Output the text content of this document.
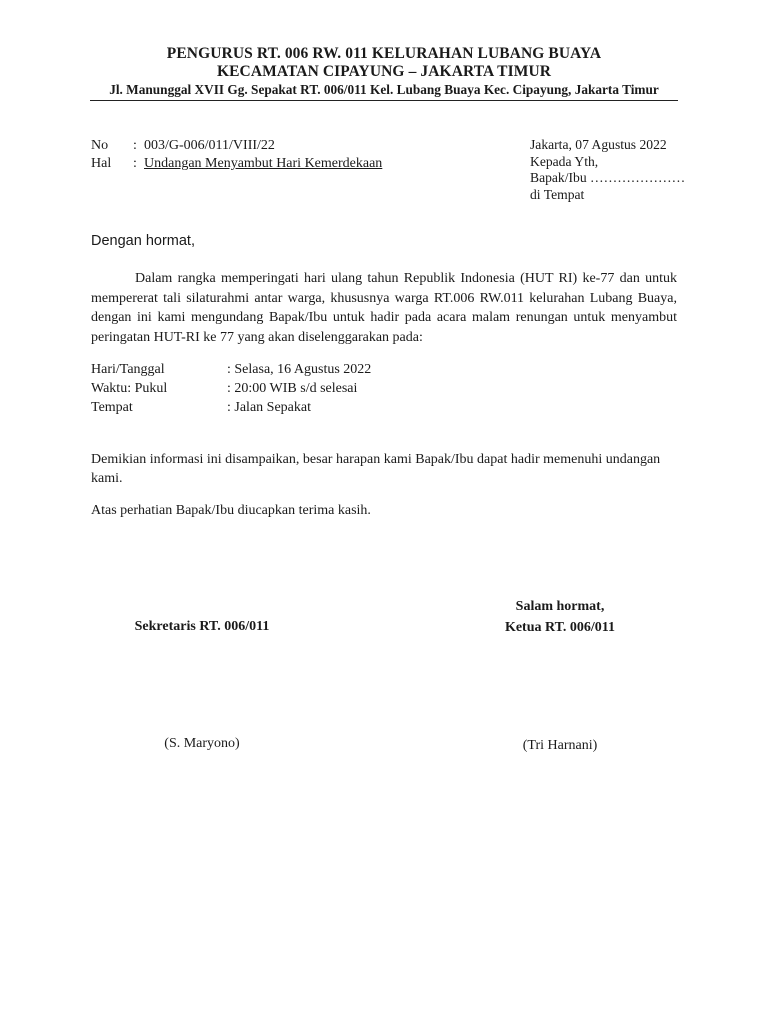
PENGURUS RT. 006 RW. 011 KELURAHAN LUBANG BUAYA
KECAMATAN CIPAYUNG – JAKARTA TIMUR
Jl. Manunggal XVII Gg. Sepakat RT. 006/011 Kel. Lubang Buaya Kec. Cipayung, Jakarta Timur
No	: 003/G-006/011/VIII/22
Hal	: Undangan Menyambut Hari Kemerdekaan
Jakarta, 07 Agustus 2022
Kepada Yth,
Bapak/Ibu …………………
di Tempat
Dengan hormat,
Dalam rangka memperingati hari ulang tahun Republik Indonesia (HUT RI) ke-77 dan untuk mempererat tali silaturahmi antar warga, khususnya warga RT.006 RW.011 kelurahan Lubang Buaya, dengan ini kami mengundang Bapak/Ibu untuk hadir pada acara malam renungan untuk menyambut peringatan HUT-RI ke 77 yang akan diselenggarakan pada:
Hari/Tanggal	: Selasa, 16 Agustus 2022
Waktu: Pukul	: 20:00 WIB s/d selesai
Tempat	: Jalan Sepakat
Demikian informasi ini disampaikan, besar harapan kami Bapak/Ibu dapat hadir memenuhi undangan kami.
Atas perhatian Bapak/Ibu diucapkan terima kasih.
Sekretaris RT. 006/011
Salam hormat,
Ketua RT. 006/011
(S. Maryono)	(Tri Harnani)
